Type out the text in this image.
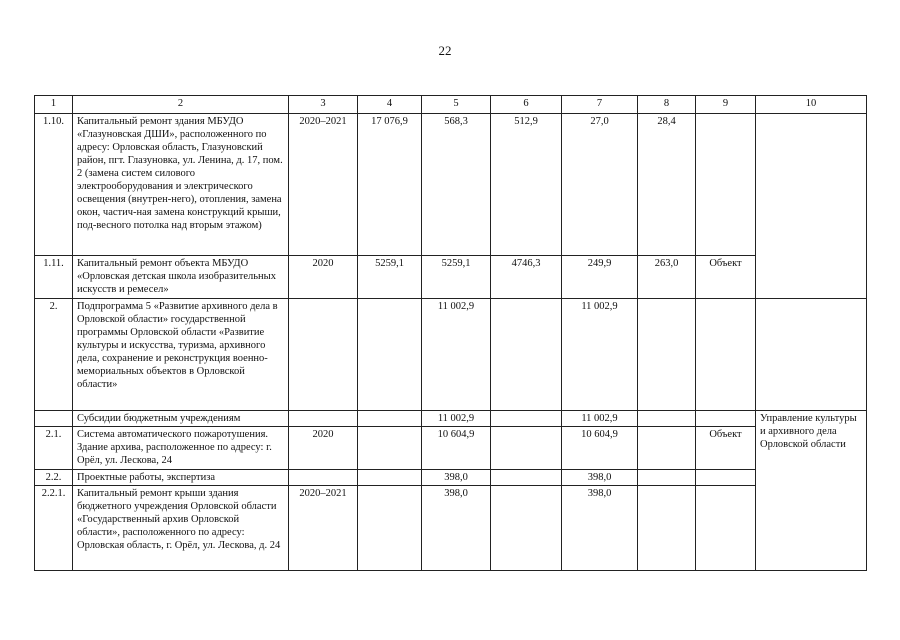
22
1	2	3	4	5	6	7	8	9	10
1.10.	Капитальный ремонт здания МБУДО «Глазуновская ДШИ», расположенного по адресу: Орловская область, Глазуновский район, пгт. Глазуновка, ул. Ленина, д. 17, пом. 2 (замена систем силового электрооборудования и электрического освещения (внутрен-него), отопления, замена окон, частич-ная замена конструкций крыши, под-весного потолка над вторым этажом)	2020–2021	17 076,9	568,3	512,9	27,0	28,4		
1.11.	Капитальный ремонт объекта МБУДО «Орловская детская школа изобразительных искусств и ремесел»	2020	5259,1	5259,1	4746,3	249,9	263,0	Объект	
2.	Подпрограмма 5 «Развитие архивного дела в Орловской области» государственной программы Орловской области «Развитие культуры и искусства, туризма, архивного дела, сохранение и реконструкция военно-мемориальных объектов в Орловской области»			11 002,9		11 002,9			
	Субсидии бюджетным учреждениям			11 002,9		11 002,9			Управление культуры и архивного дела Орловской области
2.1.	Система автоматического пожаротушения. Здание архива, расположенное по адресу: г. Орёл, ул. Лескова, 24	2020		10 604,9		10 604,9		Объект	
2.2.	Проектные работы, экспертиза			398,0		398,0			
2.2.1.	Капитальный ремонт крыши здания бюджетного учреждения Орловской области «Государственный архив Орловской области», расположенного по адресу: Орловская область, г. Орёл, ул. Лескова, д. 24	2020–2021		398,0		398,0			
